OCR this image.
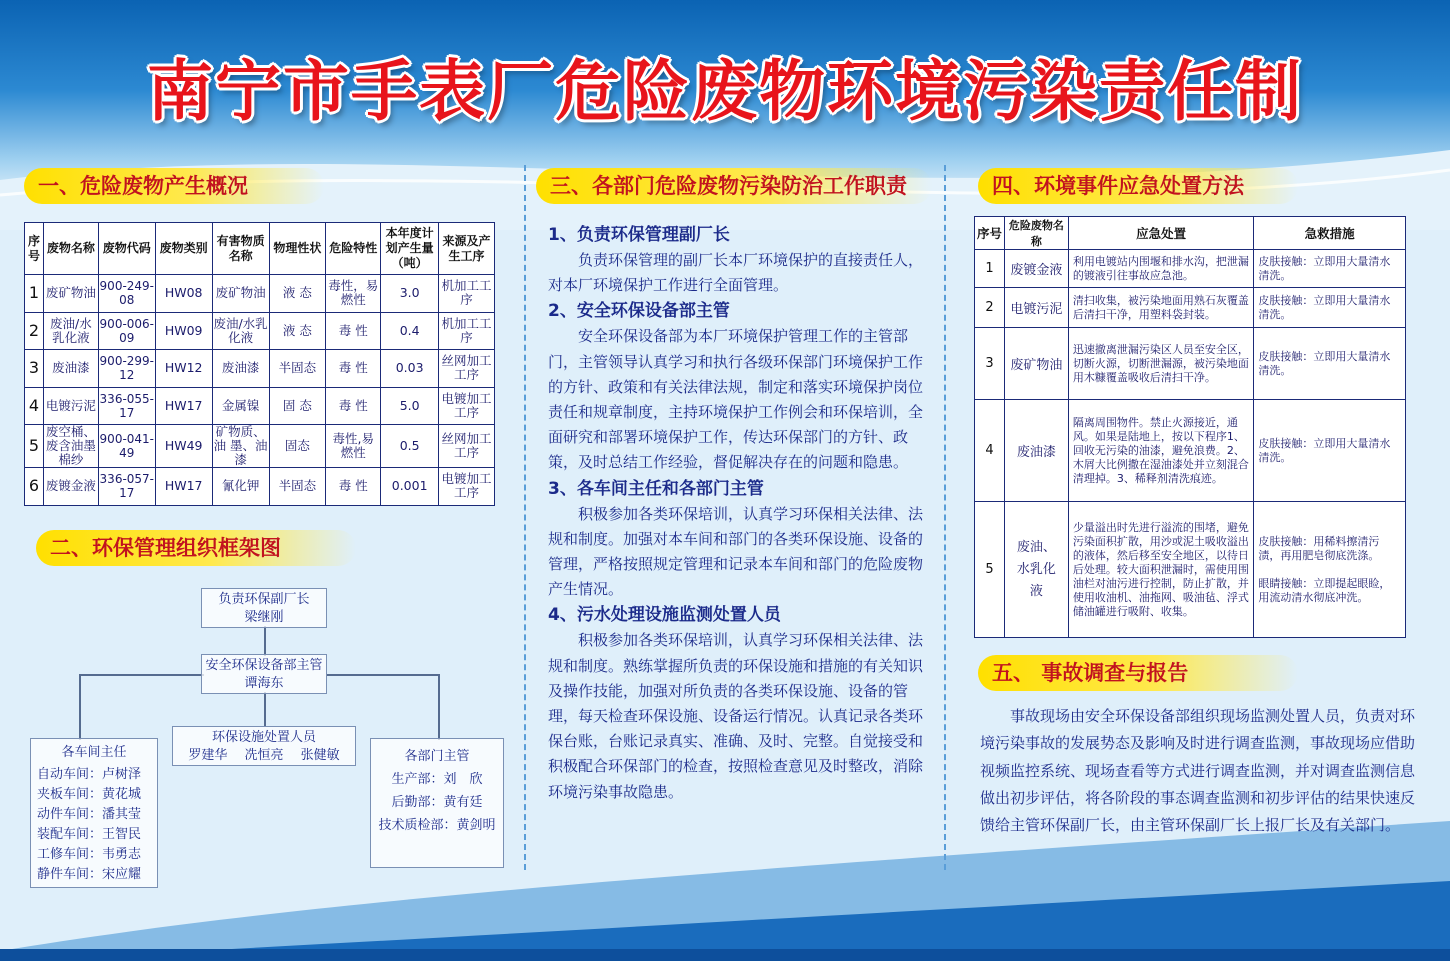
南宁市手表厂危险废物环境污染责任制
一、危险废物产生概况
序号	废物名称	废物代码	废物类别	有害物质名称	物理性状	危险特性	本年度计划产生量（吨）	来源及产生工序
1	废矿物油	900-249-08	HW08	废矿物油	液 态	毒性，易燃性	3.0	机加工工序
2	废油/水乳化液	900-006-09	HW09	废油/水乳化液	液 态	毒 性	0.4	机加工工序
3	废油漆	900-299-12	HW12	废油漆	半固态	毒 性	0.03	丝网加工工序
4	电镀污泥	336-055-17	HW17	金属镍	固 态	毒 性	5.0	电镀加工工序
5	废空桶、废含油墨棉纱	900-041-49	HW49	矿物质、油 墨、油 漆	固态	毒性,易燃性	0.5	丝网加工工序
6	废镀金液	336-057-17	HW17	氰化钾	半固态	毒 性	0.001	电镀加工工序
二、环保管理组织框架图
负责环保副厂长
梁继刚
安全环保设备部主管
谭海东
环保设施处置人员
罗建华　 冼恒亮　 张健敏
各车间主任
自动车间：卢树泽
夹板车间：黄花城
动件车间：潘其莹
装配车间：王智民
工修车间：韦勇志
静件车间：宋应耀
各部门主管
生产部：刘　欣
后勤部：黄有廷
技术质检部：黄剑明
三、各部门危险废物污染防治工作职责
1、负责环保管理副厂长
负责环保管理的副厂长本厂环境保护的直接责任人，对本厂环境保护工作进行全面管理。
2、安全环保设备部主管
安全环保设备部为本厂环境保护管理工作的主管部门，主管领导认真学习和执行各级环保部门环境保护工作的方针、政策和有关法律法规，制定和落实环境保护岗位责任和规章制度，主持环境保护工作例会和环保培训，全面研究和部署环境保护工作，传达环保部门的方针、政策，及时总结工作经验，督促解决存在的问题和隐患。
3、各车间主任和各部门主管
积极参加各类环保培训，认真学习环保相关法律、法规和制度。加强对本车间和部门的各类环保设施、设备的管理，严格按照规定管理和记录本车间和部门的危险废物产生情况。
4、污水处理设施监测处置人员
积极参加各类环保培训，认真学习环保相关法律、法规和制度。熟练掌握所负责的环保设施和措施的有关知识及操作技能，加强对所负责的各类环保设施、设备的管理，每天检查环保设施、设备运行情况。认真记录各类环保台账，台账记录真实、准确、及时、完整。自觉接受和积极配合环保部门的检查，按照检查意见及时整改，消除环境污染事故隐患。
四、环境事件应急处置方法
序号	危险废物名称	应急处置	急救措施
1	废镀金液	利用电镀站内围堰和排水沟，把泄漏的镀液引往事故应急池。	皮肤接触：立即用大量清水清洗。
2	电镀污泥	清扫收集，被污染地面用熟石灰覆盖后清扫干净，用塑料袋封装。	皮肤接触：立即用大量清水清洗。
3	废矿物油	迅速撤离泄漏污染区人员至安全区，切断火源，切断泄漏源，被污染地面用木糠覆盖吸收后清扫干净。	皮肤接触：立即用大量清水清洗。
4	废油漆	隔离周围物件。禁止火源接近，通风。如果是陆地上，按以下程序1、回收无污染的油漆，避免浪费。2、木屑大比例撒在湿油漆处并立刻混合清理掉。3、稀释剂清洗痕迹。	皮肤接触：立即用大量清水清洗。
5	废油、水乳化液	少量溢出时先进行溢流的围堵，避免污染面积扩散，用沙或泥土吸收溢出的液体，然后移至安全地区，以待日后处理。较大面积泄漏时，需使用围油栏对油污进行控制，防止扩散，并使用收油机、油拖网、吸油毡、浮式储油罐进行吸附、收集。	皮肤接触：用稀料擦清污渍，再用肥皂彻底洗涤。
眼睛接触：立即提起眼睑，用流动清水彻底冲洗。
五、 事故调查与报告
事故现场由安全环保设备部组织现场监测处置人员，负责对环境污染事故的发展势态及影响及时进行调查监测，事故现场应借助视频监控系统、现场查看等方式进行调查监测，并对调查监测信息做出初步评估，将各阶段的事态调查监测和初步评估的结果快速反馈给主管环保副厂长，由主管环保副厂长上报厂长及有关部门。
